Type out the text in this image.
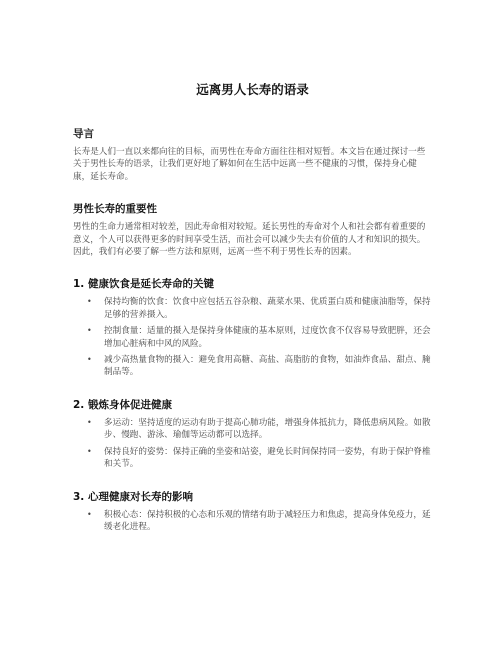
远离男人长寿的语录
导言

长寿是人们一直以来都向往的目标，而男性在寿命方面往往相对短暂。本文旨在通过探讨一些关于男性长寿的语录，让我们更好地了解如何在生活中远离一些不健康的习惯，保持身心健康，延长寿命。

男性长寿的重要性

男性的生命力通常相对较差，因此寿命相对较短。延长男性的寿命对个人和社会都有着重要的意义，个人可以获得更多的时间享受生活，而社会可以减少失去有价值的人才和知识的损失。因此，我们有必要了解一些方法和原则，远离一些不利于男性长寿的因素。

1. 健康饮食是延长寿命的关键
• 保持均衡的饮食：饮食中应包括五谷杂粮、蔬菜水果、优质蛋白质和健康油脂等，保持足够的营养摄入。
• 控制食量：适量的摄入是保持身体健康的基本原则，过度饮食不仅容易导致肥胖，还会增加心脏病和中风的风险。
• 减少高热量食物的摄入：避免食用高糖、高盐、高脂肪的食物，如油炸食品、甜点、腌制品等。
2. 锻炼身体促进健康
• 多运动：坚持适度的运动有助于提高心肺功能，增强身体抵抗力，降低患病风险。如散步、慢跑、游泳、瑜伽等运动都可以选择。
• 保持良好的姿势：保持正确的坐姿和站姿，避免长时间保持同一姿势，有助于保护脊椎和关节。
3. 心理健康对长寿的影响
• 积极心态：保持积极的心态和乐观的情绪有助于减轻压力和焦虑，提高身体免疫力，延缓老化进程。
